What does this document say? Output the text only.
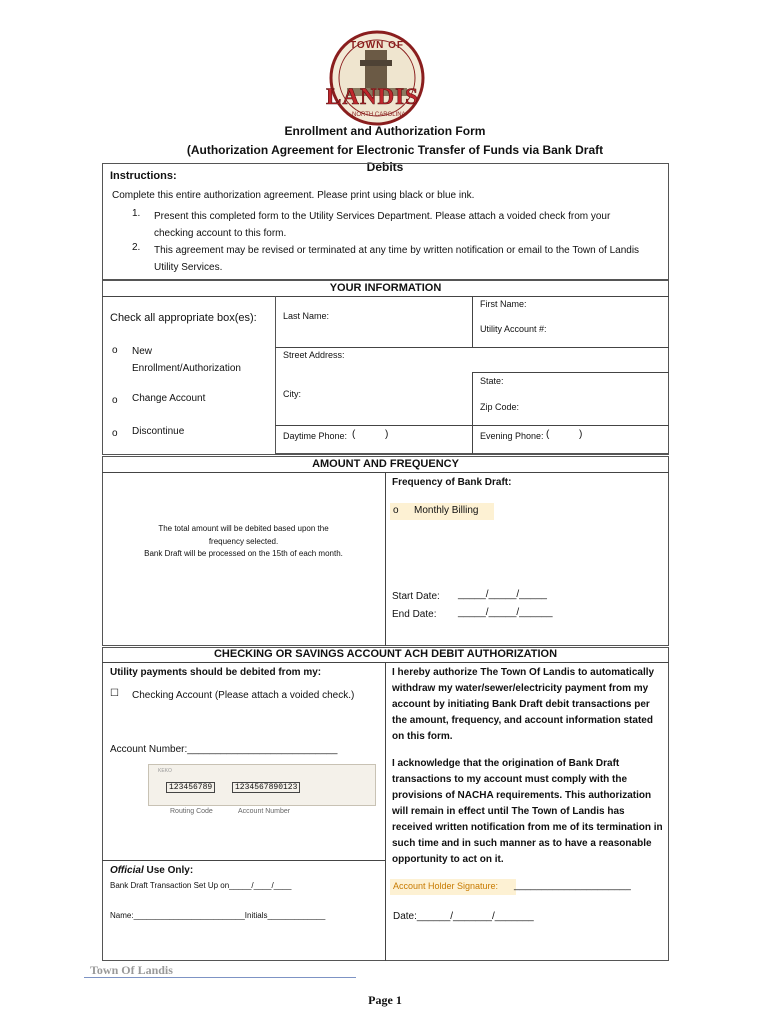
TOWN OF
LANDIS
NORTH CAROLINA
Enrollment and Authorization Form
(Authorization Agreement for Electronic Transfer of Funds via Bank Draft
Debits
Instructions:
Complete this entire authorization agreement. Please print using black or blue ink.
1. Present this completed form to the Utility Services Department. Please attach a voided check from your checking account to this form.
2. This agreement may be revised or terminated at any time by written notification or email to the Town of Landis Utility Services.
YOUR INFORMATION
Check all appropriate box(es):
o New Enrollment/Authorization
o Change Account
o Discontinue
Last Name:
First Name:
Utility Account #:
Street Address:
City:
State:
Zip Code:
Daytime Phone: (	)	Evening Phone: (	)
AMOUNT AND FREQUENCY
The total amount will be debited based upon the
frequency selected.
Bank Draft will be processed on the 15th of each month.
Frequency of Bank Draft:
o Monthly Billing
Start Date: _____/_____/_____
End Date: _____/_____/______
CHECKING OR SAVINGS ACCOUNT ACH DEBIT AUTHORIZATION
Utility payments should be debited from my:
☐ Checking Account (Please attach a voided check.)
Account Number:___________________________
KEKO
123456789	1234567890123
Routing Code	Account Number
I hereby authorize The Town Of Landis to automatically withdraw my water/sewer/electricity payment from my account by initiating Bank Draft debit transactions per the amount, frequency, and account information stated on this form.
I acknowledge that the origination of Bank Draft transactions to my account must comply with the provisions of NACHA requirements. This authorization will remain in effect until The Town of Landis has received written notification from me of its termination in such time and in such manner as to have a reasonable opportunity to act on it.
Official Use Only:
Bank Draft Transaction Set Up on_____/____/____
Name:_________________________Initials_____________
Account Holder Signature: _____________________
Date:______/_______/_______
Town Of Landis
Page 1
